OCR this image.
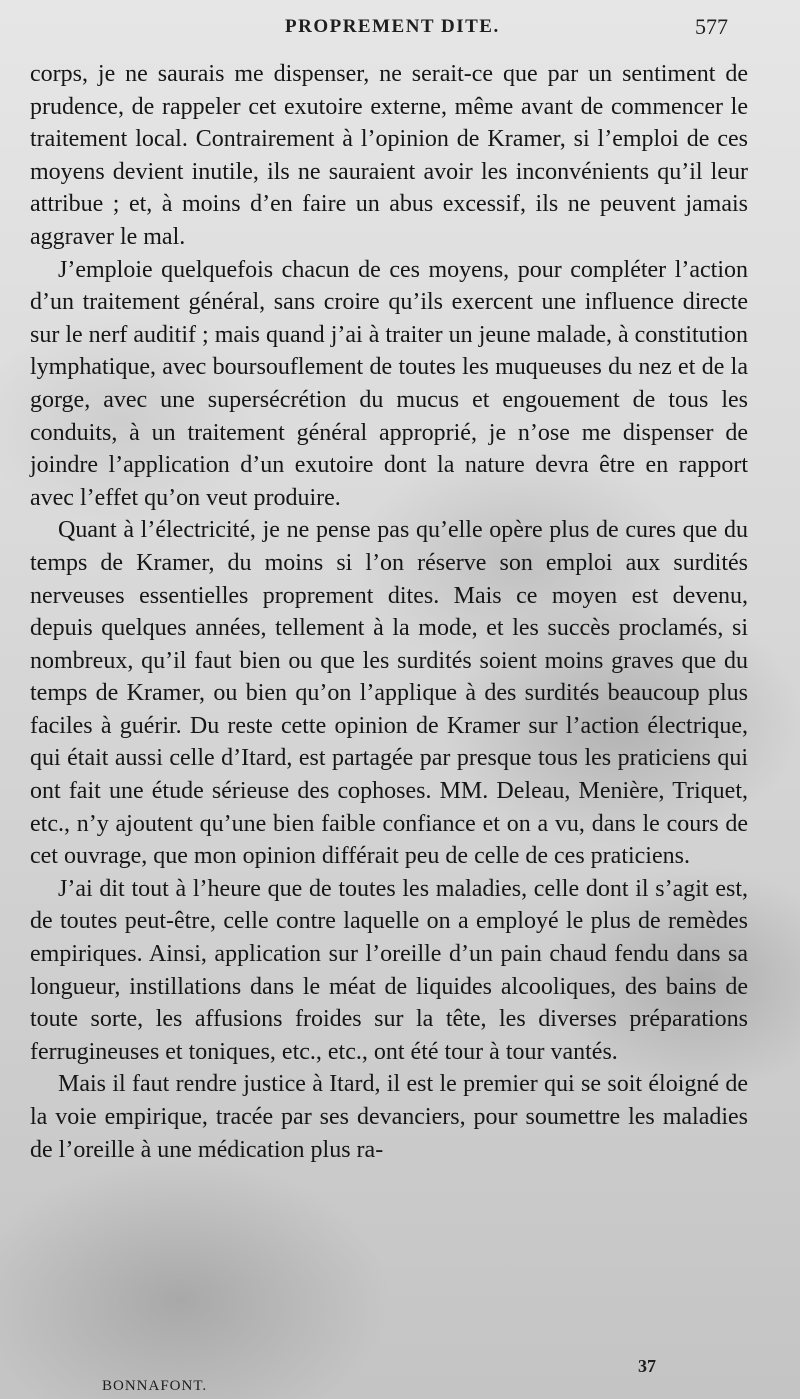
PROPREMENT DITE.	577

corps, je ne saurais me dispenser, ne serait-ce que par un sentiment de prudence, de rappeler cet exutoire externe, même avant de commencer le traitement local. Contrairement à l’opinion de Kramer, si l’emploi de ces moyens devient inutile, ils ne sauraient avoir les inconvénients qu’il leur attribue ; et, à moins d’en faire un abus excessif, ils ne peuvent jamais aggraver le mal.

J’emploie quelquefois chacun de ces moyens, pour compléter l’action d’un traitement général, sans croire qu’ils exercent une influence directe sur le nerf auditif ; mais quand j’ai à traiter un jeune malade, à constitution lymphatique, avec boursouflement de toutes les muqueuses du nez et de la gorge, avec une supersécrétion du mucus et engouement de tous les conduits, à un traitement général approprié, je n’ose me dispenser de joindre l’application d’un exutoire dont la nature devra être en rapport avec l’effet qu’on veut produire.

Quant à l’électricité, je ne pense pas qu’elle opère plus de cures que du temps de Kramer, du moins si l’on réserve son emploi aux surdités nerveuses essentielles proprement dites. Mais ce moyen est devenu, depuis quelques années, tellement à la mode, et les succès proclamés, si nombreux, qu’il faut bien ou que les surdités soient moins graves que du temps de Kramer, ou bien qu’on l’applique à des surdités beaucoup plus faciles à guérir. Du reste cette opinion de Kramer sur l’action électrique, qui était aussi celle d’Itard, est partagée par presque tous les praticiens qui ont fait une étude sérieuse des cophoses. MM. Deleau, Menière, Triquet, etc., n’y ajoutent qu’une bien faible confiance et on a vu, dans le cours de cet ouvrage, que mon opinion différait peu de celle de ces praticiens.

J’ai dit tout à l’heure que de toutes les maladies, celle dont il s’agit est, de toutes peut-être, celle contre laquelle on a employé le plus de remèdes empiriques. Ainsi, application sur l’oreille d’un pain chaud fendu dans sa longueur, instillations dans le méat de liquides alcooliques, des bains de toute sorte, les affusions froides sur la tête, les diverses préparations ferrugineuses et toniques, etc., etc., ont été tour à tour vantés.

Mais il faut rendre justice à Itard, il est le premier qui se soit éloigné de la voie empirique, tracée par ses devanciers, pour soumettre les maladies de l’oreille à une médication plus ra-

37
BONNAFONT.
